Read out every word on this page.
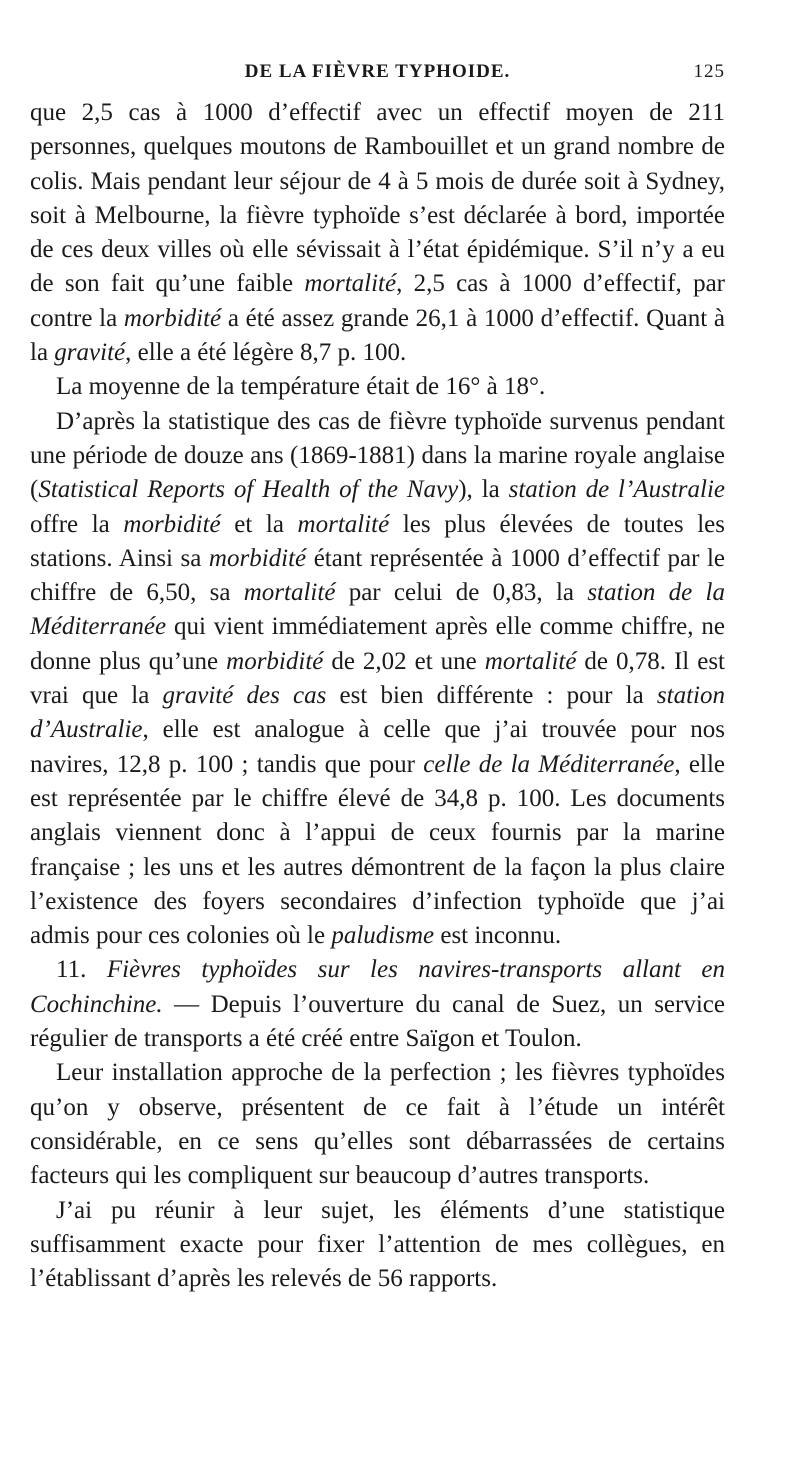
DE LA FIÈVRE TYPHOIDE.	125

que 2,5 cas à 1000 d’effectif avec un effectif moyen de 211 personnes, quelques moutons de Rambouillet et un grand nombre de colis. Mais pendant leur séjour de 4 à 5 mois de durée soit à Sydney, soit à Melbourne, la fièvre typhoïde s’est déclarée à bord, importée de ces deux villes où elle sévissait à l’état épidémique. S’il n’y a eu de son fait qu’une faible mortalité, 2,5 cas à 1000 d’effectif, par contre la morbidité a été assez grande 26,1 à 1000 d’effectif. Quant à la gravité, elle a été légère 8,7 p. 100.

La moyenne de la température était de 16° à 18°.

D’après la statistique des cas de fièvre typhoïde survenus pendant une période de douze ans (1869-1881) dans la marine royale anglaise (Statistical Reports of Health of the Navy), la station de l’Australie offre la morbidité et la mortalité les plus élevées de toutes les stations. Ainsi sa morbidité étant représentée à 1000 d’effectif par le chiffre de 6,50, sa mortalité par celui de 0,83, la station de la Méditerranée qui vient immédiatement après elle comme chiffre, ne donne plus qu’une morbidité de 2,02 et une mortalité de 0,78. Il est vrai que la gravité des cas est bien différente : pour la station d’Australie, elle est analogue à celle que j’ai trouvée pour nos navires, 12,8 p. 100 ; tandis que pour celle de la Méditerranée, elle est représentée par le chiffre élevé de 34,8 p. 100. Les documents anglais viennent donc à l’appui de ceux fournis par la marine française ; les uns et les autres démontrent de la façon la plus claire l’existence des foyers secondaires d’infection typhoïde que j’ai admis pour ces colonies où le paludisme est inconnu.

11. Fièvres typhoïdes sur les navires-transports allant en Cochinchine. — Depuis l’ouverture du canal de Suez, un service régulier de transports a été créé entre Saïgon et Toulon.

Leur installation approche de la perfection ; les fièvres typhoïdes qu’on y observe, présentent de ce fait à l’étude un intérêt considérable, en ce sens qu’elles sont débarrassées de certains facteurs qui les compliquent sur beaucoup d’autres transports.

J’ai pu réunir à leur sujet, les éléments d’une statistique suffisamment exacte pour fixer l’attention de mes collègues, en l’établissant d’après les relevés de 56 rapports.
